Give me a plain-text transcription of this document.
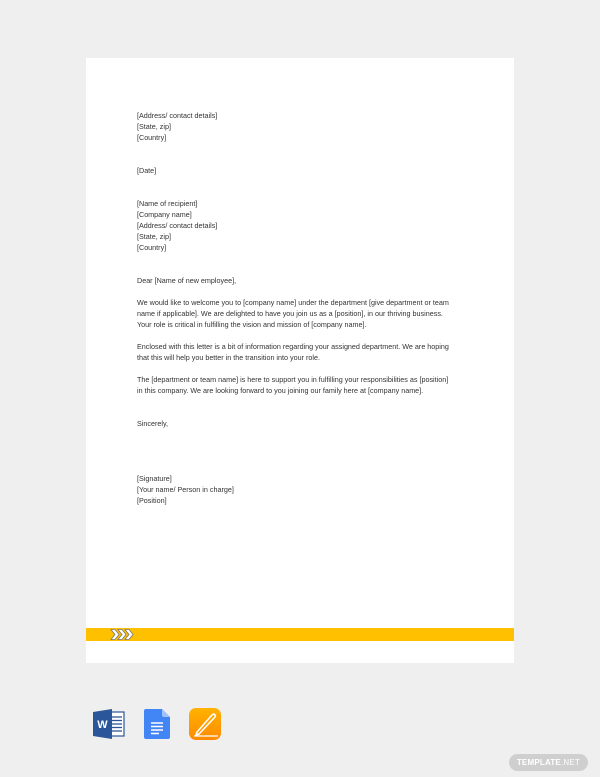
[Address/ contact details]
[State, zip]
[Country]
[Date]
[Name of recipient]
[Company name]
[Address/ contact details]
[State, zip]
[Country]
Dear [Name of new employee],
We would like to welcome you to [company name] under the department [give department or team
name if applicable]. We are delighted to have you join us as a [position], in our thriving business.
Your role is critical in fulfilling the vision and mission of [company name].
Enclosed with this letter is a bit of information regarding your assigned department. We are hoping
that this will help you better in the transition into your role.
The [department or team name] is here to support you in fulfilling your responsibilities as [position]
in this company. We are looking forward to you joining our family here at [company name].
Sincerely,
[Signature]
[Your name/ Person in charge]
[Position]
W
TEMPLATE.NET
